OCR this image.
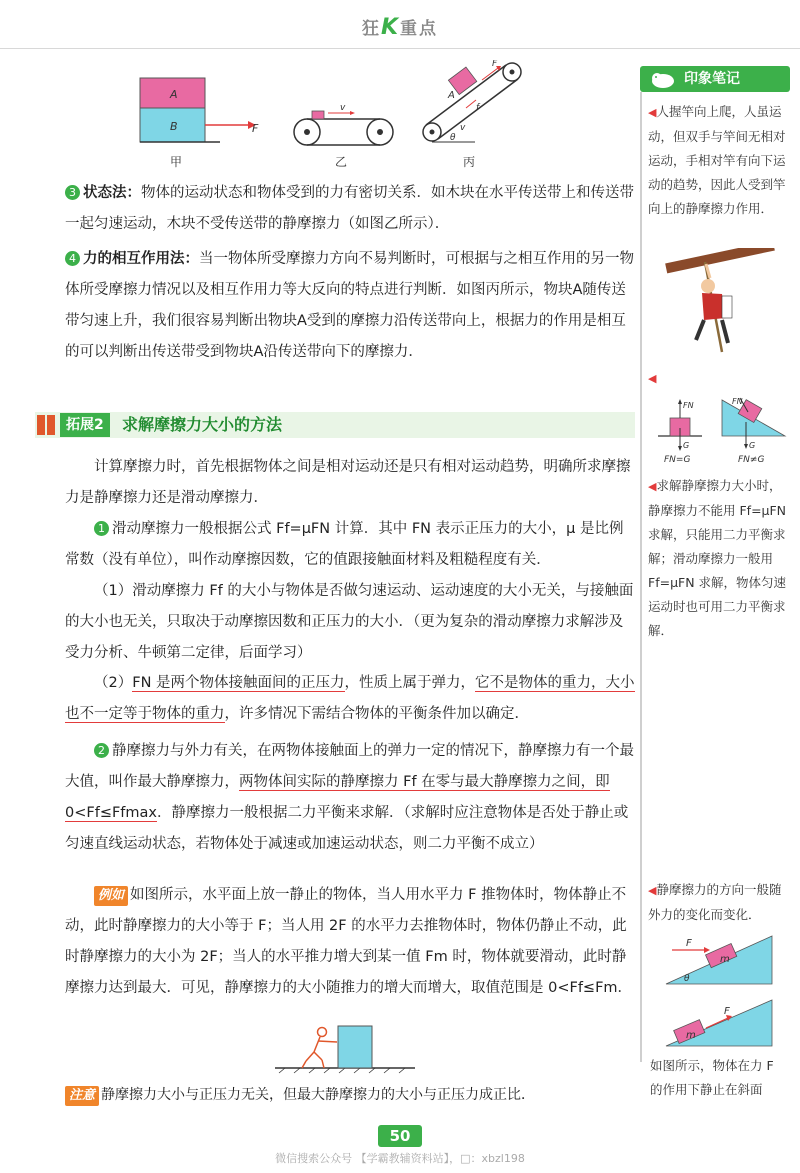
狂K重点
A
B	F
甲
v
乙
A
F
f
v
θ
丙

3 状态法：物体的运动状态和物体受到的力有密切关系．如木块在水平传送带上和传送带一起匀速运动，木块不受传送带的静摩擦力（如图乙所示）．

4 力的相互作用法：当一物体所受摩擦力方向不易判断时，可根据与之相互作用的另一物体所受摩擦力情况以及相互作用力等大反向的特点进行判断．如图丙所示，物块A随传送带匀速上升，我们很容易判断出物块A受到的摩擦力沿传送带向上，根据力的作用是相互的可以判断出传送带受到物块A沿传送带向下的摩擦力．

拓展2	求解摩擦力大小的方法
计算摩擦力时，首先根据物体之间是相对运动还是只有相对运动趋势，明确所求摩擦力是静摩擦力还是滑动摩擦力．
1 滑动摩擦力一般根据公式 Ff=μFN 计算．其中 FN 表示正压力的大小，μ 是比例常数（没有单位），叫作动摩擦因数，它的值跟接触面材料及粗糙程度有关．
（1）滑动摩擦力 Ff 的大小与物体是否做匀速运动、运动速度的大小无关，与接触面的大小也无关，只取决于动摩擦因数和正压力的大小．（更为复杂的滑动摩擦力求解涉及受力分析、牛顿第二定律，后面学习）
（2）FN 是两个物体接触面间的正压力，性质上属于弹力，它不是物体的重力，大小也不一定等于物体的重力，许多情况下需结合物体的平衡条件加以确定．
2 静摩擦力与外力有关，在两物体接触面上的弹力一定的情况下，静摩擦力有一个最大值，叫作最大静摩擦力，两物体间实际的静摩擦力 Ff 在零与最大静摩擦力之间，即 0<Ff≤Ffmax．静摩擦力一般根据二力平衡来求解．（求解时应注意物体是否处于静止或匀速直线运动状态，若物体处于减速或加速运动状态，则二力平衡不成立）
例如 如图所示，水平面上放一静止的物体，当人用水平力 F 推物体时，物体静止不动，此时静摩擦力的大小等于 F；当人用 2F 的水平力去推物体时，物体仍静止不动，此时静摩擦力的大小为 2F；当人的水平推力增大到某一值 Fm 时，物体就要滑动，此时静摩擦力达到最大．可见，静摩擦力的大小随推力的增大而增大，取值范围是 0<Ff≤Fm．
注意 静摩擦力大小与正压力无关，但最大静摩擦力的大小与正压力成正比．
印象笔记
◀人握竿向上爬，人虽运动，但双手与竿间无相对运动，手相对竿有向下运动的趋势，因此人受到竿向上的静摩擦力作用．
◀
FN
G
FN=G
FN
G
FN≠G
◀求解静摩擦力大小时，静摩擦力不能用 Ff=μFN 求解，只能用二力平衡求解；滑动摩擦力一般用 Ff=μFN 求解，物体匀速运动时也可用二力平衡求解．
◀静摩擦力的方向一般随外力的变化而变化．
F
m
θ
F
m
如图所示，物体在力 F 的作用下静止在斜面
50
微信搜索公众号 【学霸教辅资料站】，□：xbzl198
